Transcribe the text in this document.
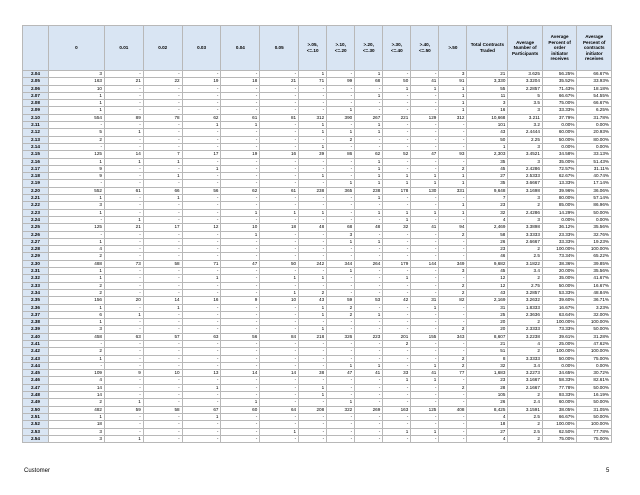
	0	0.01	0.02	0.03	0.04	0.05	>.05, <=.10	>.10, <=.20	>.20, <=.30	>.30, <=.40	>.40, <=.50	>.50	Total Contracts Traded	Average Number of Participants	Average Percent of order initiator receives	Average Percent of contracts initiator receives
2.04	3	-	-	-	-	-	1	-	1	-	-	3	21	3.625	56.25%	66.67%
2.05	163	21	22	19	18	21	71	99	68	50	41	91	3,330	3.3204	35.52%	33.93%
2.06	10	-	-	-	-	-	-	-	-	1	1	1	55	2.2857	71.43%	18.18%
2.07	1	-	-	-	-	-	-	-	1	-	-	1	11	5	66.67%	54.55%
2.08	1	-	-	-	-	-	-	-	-	-	-	1	3	3.5	75.00%	66.67%
2.09	1	-	-	-	-	-	-	1	-	-	-	1	16	3	33.33%	6.25%
2.10	554	89	78	62	61	81	312	390	267	221	129	312	10,668	3.211	37.79%	31.78%
2.11	-	-	-	1	1	-	1	-	1	-	-	-	101	3.2	0.00%	0.00%
2.12	5	1	-	-	-	-	1	1	1	-	-	-	43	2.4444	60.00%	20.93%
2.13	2	-	-	-	-	-	-	2	-	-	-	-	50	2.25	50.00%	80.00%
2.14	-	-	-	-	-	-	1	-	-	-	-	-	1	3	0.00%	0.00%
2.15	125	14	7	17	19	16	39	86	62	52	47	93	2,303	3.4521	34.58%	33.13%
2.16	1	1	1	-	-	-	-	-	1	-	-	-	35	3	35.00%	51.43%
2.17	9	-	-	1	-	-	-	-	1	-	-	2	45	2.4286	72.57%	31.11%
2.18	9	-	1	-	-	-	1	-	1	1	1	1	27	2.5333	62.67%	40.74%
2.19	-	-	-	-	-	-	-	1	1	1	1	1	35	3.6667	13.33%	17.14%
2.20	552	61	66	56	62	61	238	365	238	178	130	331	9,648	3.1698	39.96%	36.06%
2.21	1	-	1	-	-	-	-	-	1	-	-	-	7	3	80.00%	57.14%
2.22	3	-	-	-	-	-	-	-	-	-	-	1	23	2	85.00%	86.96%
2.23	1	-	-	-	1	1	1	-	1	1	1	1	32	2.4286	14.29%	50.00%
2.24	-	1	-	-	-	-	-	-	-	1	-	-	4	3	0.00%	0.00%
2.25	125	21	17	12	10	18	48	68	48	32	41	94	2,469	3.3898	36.12%	35.56%
2.26	-	-	-	-	1	-	-	3	-	-	-	2	58	3.3333	23.33%	32.76%
2.27	1	-	-	-	-	-	-	1	1	-	-	-	26	2.6667	33.33%	19.23%
2.28	4	-	-	-	-	-	-	-	-	-	-	-	23	2	100.00%	100.00%
2.29	2	-	-	-	-	-	-	-	-	-	-	-	46	2.5	73.34%	65.22%
2.30	488	73	58	71	47	50	242	344	264	179	144	349	9,682	3.1822	38.36%	39.85%
2.31	1	-	-	-	-	-	-	1	-	-	-	3	45	3.4	20.00%	35.56%
2.32	1	-	-	1	-	1	1	-	-	1	-	-	12	2	35.00%	41.67%
2.33	2	-	-	-	-	-	-	-	-	-	-	2	12	2.75	50.00%	16.67%
2.34	2	-	-	-	-	1	2	-	-	-	-	2	43	3.2857	53.33%	48.84%
2.35	156	20	14	16	9	10	43	59	53	42	31	82	2,169	3.2632	39.60%	36.71%
2.36	1	-	1	-	-	-	1	2	-	-	1	-	31	1.8333	16.67%	3.23%
2.37	6	1	-	-	-	-	1	2	1	-	-	-	25	2.3636	63.64%	32.00%
2.38	1	-	-	-	-	-	-	-	-	-	-	-	20	2	100.00%	100.00%
2.39	3	-	-	-	-	-	1	-	-	-	-	2	20	2.3333	73.33%	50.00%
2.40	458	63	57	63	56	84	218	326	223	201	155	343	8,607	3.2238	39.61%	31.28%
2.41	-	-	-	-	-	-	-	-	-	2	-	-	21	4	25.00%	47.62%
2.42	2	-	-	-	-	-	-	-	-	-	-	-	51	2	100.00%	100.00%
2.43	1	-	-	-	-	-	-	-	-	-	-	2	8	3.3333	50.00%	75.00%
2.44	-	-	-	-	-	-	-	1	1	-	1	2	32	3.4	0.00%	0.00%
2.45	109	9	10	13	14	14	38	47	41	33	41	77	1,683	3.2273	34.65%	30.72%
2.46	4	-	-	-	-	-	-	-	-	1	1	-	23	3.1667	58.33%	82.61%
2.47	14	-	-	1	-	-	1	-	-	-	-	2	28	2.1667	77.78%	50.00%
2.48	14	-	-	-	-	-	1	-	-	-	-	-	105	2	93.33%	16.19%
2.49	2	1	-	-	1	-	-	1	-	-	-	-	26	2.4	60.00%	50.00%
2.50	482	59	58	67	60	64	208	322	269	163	125	408	8,425	3.1591	38.05%	31.05%
2.51	1	-	-	1	-	-	-	-	-	-	-	-	4	2.5	66.67%	50.00%
2.52	18	-	-	-	-	-	-	-	-	-	-	-	18	2	100.00%	100.00%
2.53	3	-	-	-	-	1	-	-	-	1	1	-	27	2.5	62.50%	77.78%
2.54	3	1	-	-	-	-	-	-	-	-	-	-	4	2	75.00%	75.00%
Customer	5
